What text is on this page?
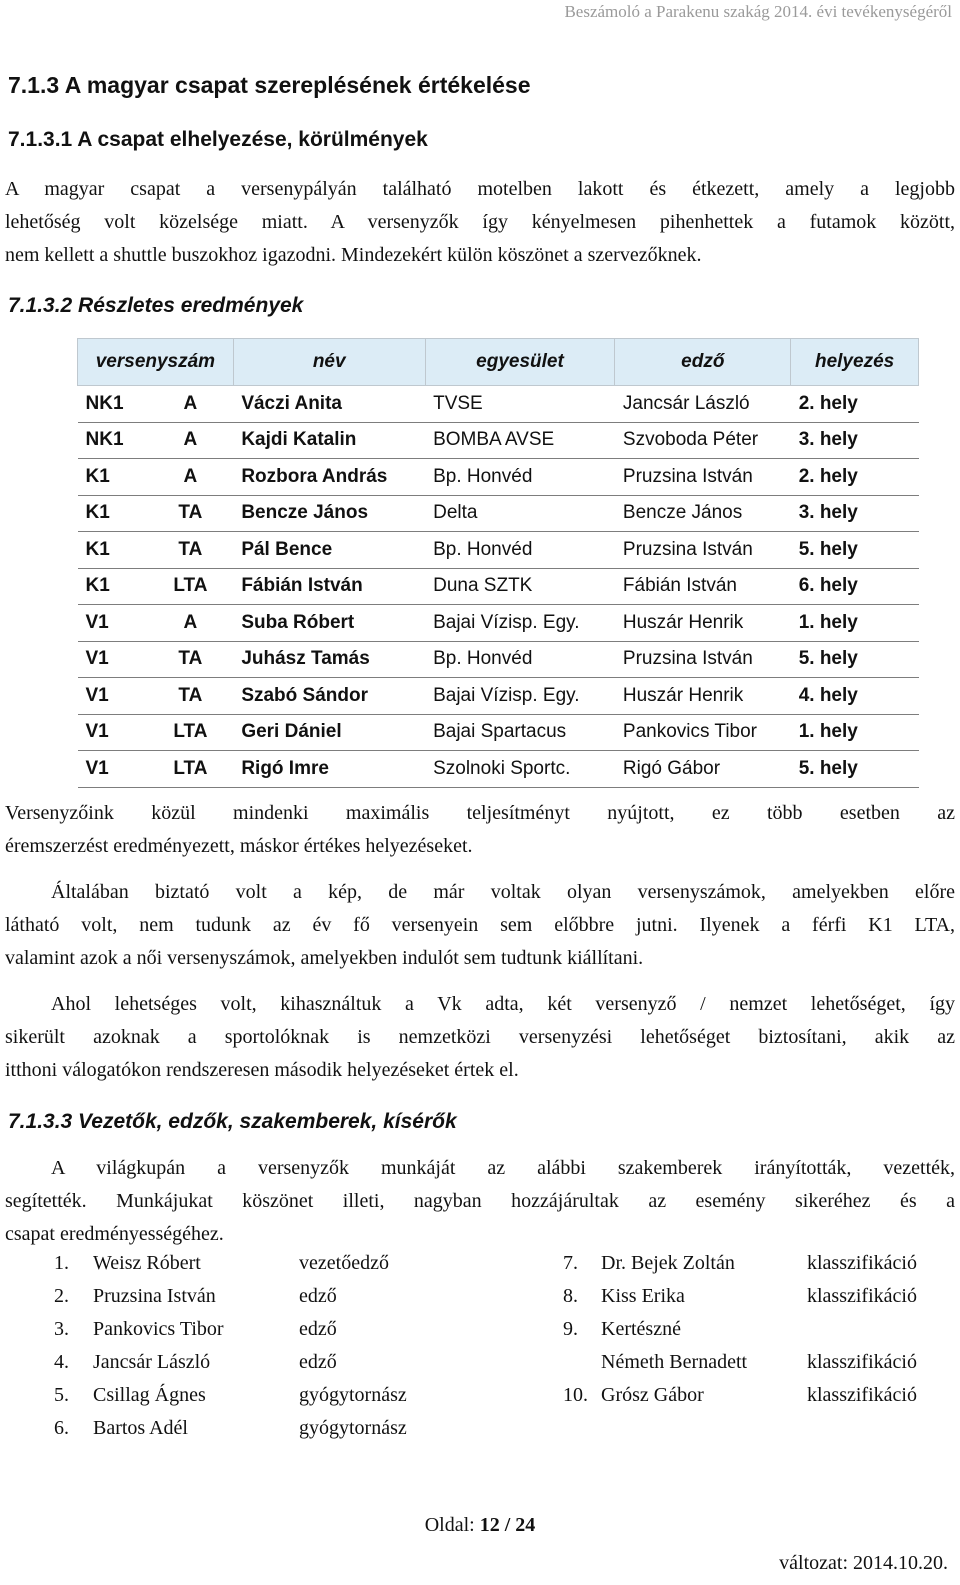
Beszámoló a Parakenu szakág 2014. évi tevékenységéről
7.1.3 A magyar csapat szereplésének értékelése
7.1.3.1 A csapat elhelyezése, körülmények

A magyar csapat a versenypályán található motelben lakott és étkezett, amely a legjobb
lehetőség volt közelsége miatt. A versenyzők így kényelmesen pihenhettek a futamok között,
nem kellett a shuttle buszokhoz igazodni. Mindezekért külön köszönet a szervezőknek.

7.1.3.2 Részletes eredmények
versenyszám		név	egyesület	edző	helyezés
NK1	A	Váczi Anita	TVSE	Jancsár László	2. hely
NK1	A	Kajdi Katalin	BOMBA AVSE	Szvoboda Péter	3. hely
K1	A	Rozbora András	Bp. Honvéd	Pruzsina István	2. hely
K1	TA	Bencze János	Delta	Bencze János	3. hely
K1	TA	Pál Bence	Bp. Honvéd	Pruzsina István	5. hely
K1	LTA	Fábián István	Duna SZTK	Fábián István	6. hely
V1	A	Suba Róbert	Bajai Vízisp. Egy.	Huszár Henrik	1. hely
V1	TA	Juhász Tamás	Bp. Honvéd	Pruzsina István	5. hely
V1	TA	Szabó Sándor	Bajai Vízisp. Egy.	Huszár Henrik	4. hely
V1	LTA	Geri Dániel	Bajai Spartacus	Pankovics Tibor	1. hely
V1	LTA	Rigó Imre	Szolnoki Sportc.	Rigó Gábor	5. hely

Versenyzőink közül mindenki maximális teljesítményt nyújtott, ez több esetben az
éremszerzést eredményezett, máskor értékes helyezéseket.

Általában biztató volt a kép, de már voltak olyan versenyszámok, amelyekben előre
látható volt, nem tudunk az év fő versenyein sem előbbre jutni. Ilyenek a férfi K1 LTA,
valamint azok a női versenyszámok, amelyekben indulót sem tudtunk kiállítani.

Ahol lehetséges volt, kihasználtuk a Vk adta, két versenyző / nemzet lehetőséget, így
sikerült azoknak a sportolóknak is nemzetközi versenyzési lehetőséget biztosítani, akik az
itthoni válogatókon rendszeresen második helyezéseket értek el.

7.1.3.3 Vezetők, edzők, szakemberek, kísérők

A világkupán a versenyzők munkáját az alábbi szakemberek irányították, vezették,
segítették. Munkájukat köszönet illeti, nagyban hozzájárultak az esemény sikeréhez és a
csapat eredményességéhez.

1. Weisz Róbert	vezetőedző
2. Pruzsina István	edző
3. Pankovics Tibor	edző
4. Jancsár László	edző
5. Csillag Ágnes	gyógytornász
6. Bartos Adél	gyógytornász
7. Dr. Bejek Zoltán	klasszifikáció
8. Kiss Erika	klasszifikáció
9. Kertészné
Németh Bernadett	klasszifikáció
10. Grósz Gábor	klasszifikáció
Oldal: 12 / 24
változat: 2014.10.20.
